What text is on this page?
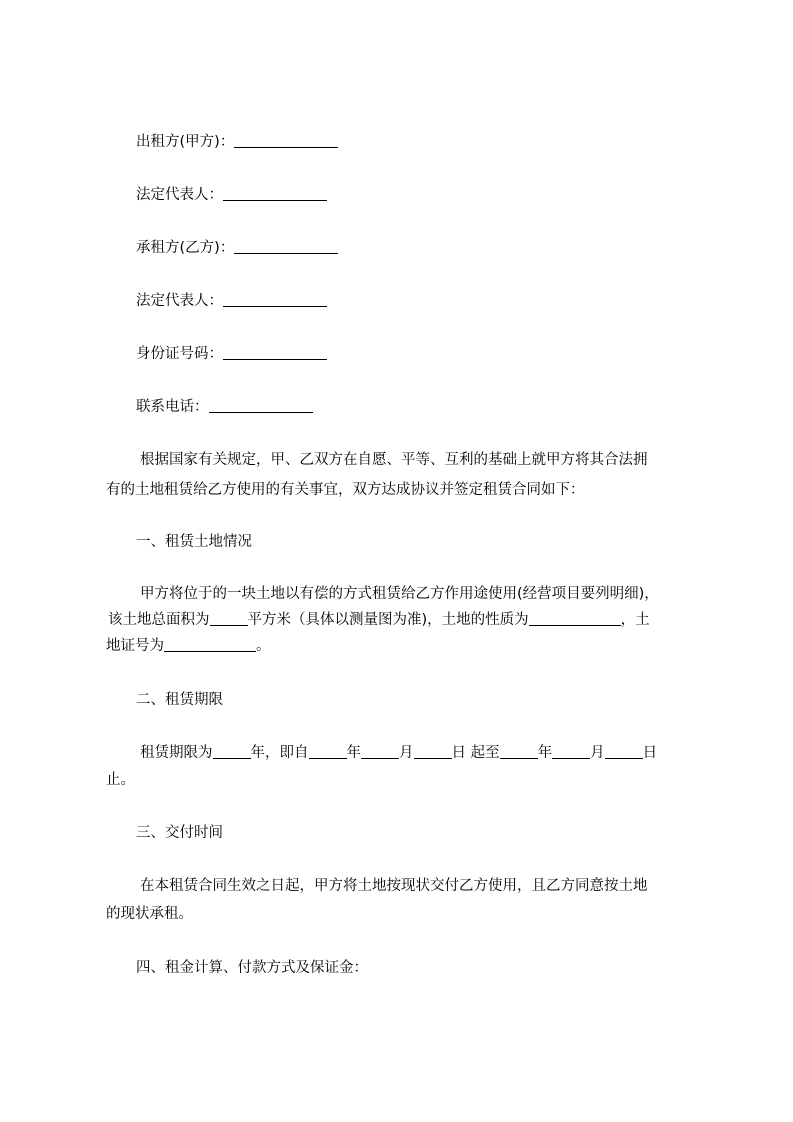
出租方(甲方)：
法定代表人：
承租方(乙方)：
法定代表人：
身份证号码：
联系电话：
根据国家有关规定，甲、乙双方在自愿、平等、互利的基础上就甲方将其合法拥
有的土地租赁给乙方使用的有关事宜，双方达成协议并签定租赁合同如下：
一、租赁土地情况
甲方将位于的一块土地以有偿的方式租赁给乙方作用途使用(经营项目要列明细)，
该土地总面积为	平方米（具体以测量图为准)，土地的性质为	，土
地证号为	。
二、租赁期限
租赁期限为	年，即自	年	月	日 起至	年	月	日
止。
三、交付时间
在本租赁合同生效之日起，甲方将土地按现状交付乙方使用，且乙方同意按土地
的现状承租。
四、租金计算、付款方式及保证金：
